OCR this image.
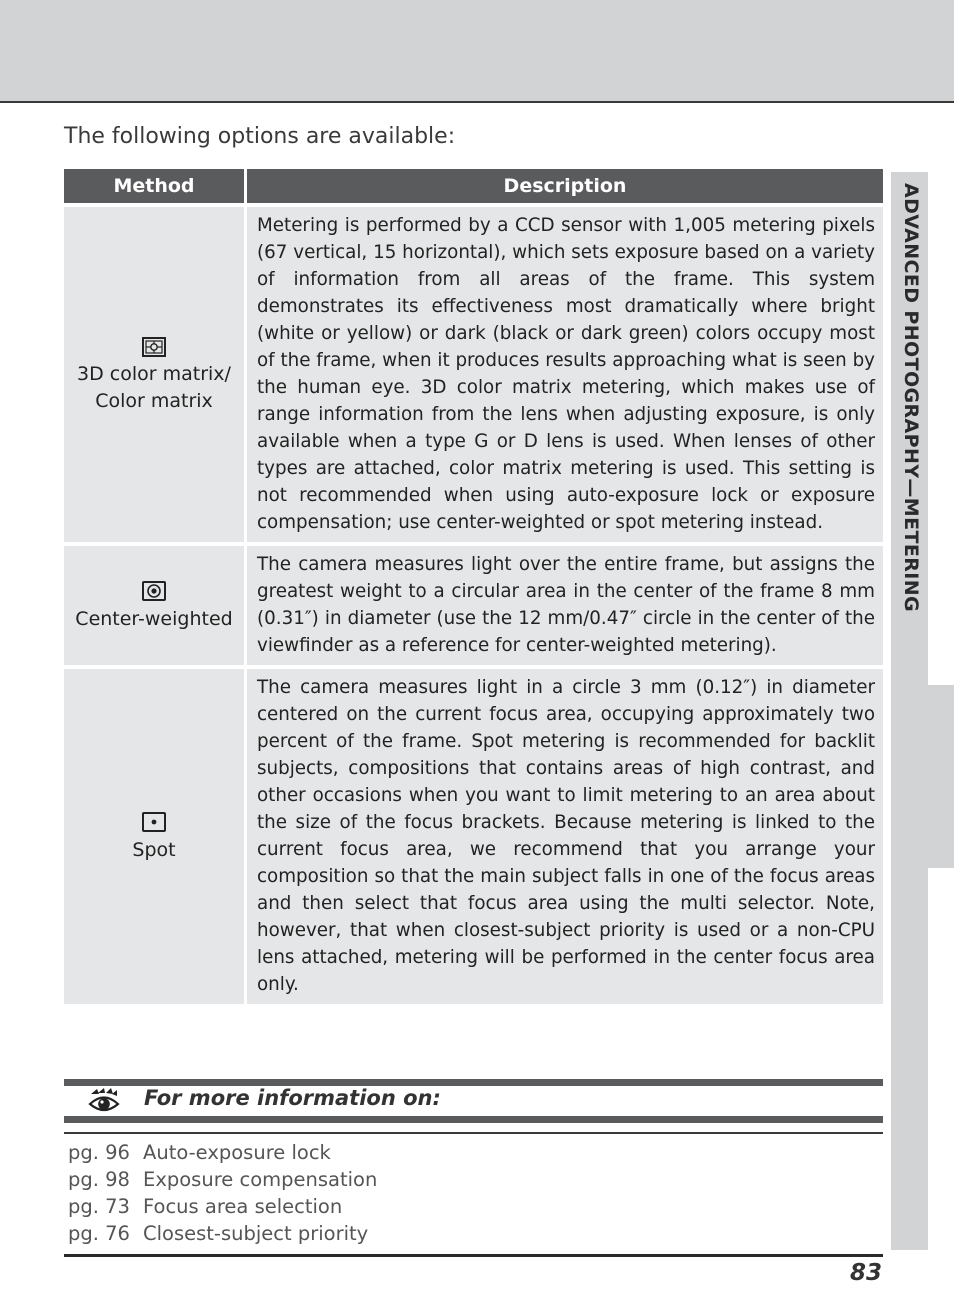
The following options are available:
Method	Description

3D color matrix/
Color matrix	Metering is performed by a CCD sensor with 1,005 metering pixels (67 vertical, 15 horizontal), which sets exposure based on a variety of information from all areas of the frame. This system demonstrates its effectiveness most dramatically where bright (white or yellow) or dark (black or dark green) colors occupy most of the frame, when it produces results approaching what is seen by the human eye. 3D color matrix metering, which makes use of range information from the lens when adjusting exposure, is only available when a type G or D lens is used. When lenses of other types are attached, color matrix metering is used. This setting is not recommended when using auto-exposure lock or exposure compensation; use center-weighted or spot metering instead.

Center-weighted	The camera measures light over the entire frame, but assigns the greatest weight to a circular area in the center of the frame 8 mm (0.31″) in diameter (use the 12 mm/0.47″ circle in the center of the viewfinder as a reference for center-weighted metering).

Spot	The camera measures light in a circle 3 mm (0.12″) in diameter centered on the current focus area, occupying approximately two percent of the frame. Spot metering is recommended for backlit subjects, compositions that contains areas of high contrast, and other occasions when you want to limit metering to an area about the size of the focus brackets. Because metering is linked to the current focus area, we recommend that you arrange your composition so that the main subject falls in one of the focus areas and then select that focus area using the multi selector. Note, however, that when closest-subject priority is used or a non-CPU lens attached, metering will be performed in the center focus area only.
ADVANCED PHOTOGRAPHY—METERING
For more information on:
pg. 96 Auto-exposure lock
pg. 98 Exposure compensation
pg. 73 Focus area selection
pg. 76 Closest-subject priority
83
